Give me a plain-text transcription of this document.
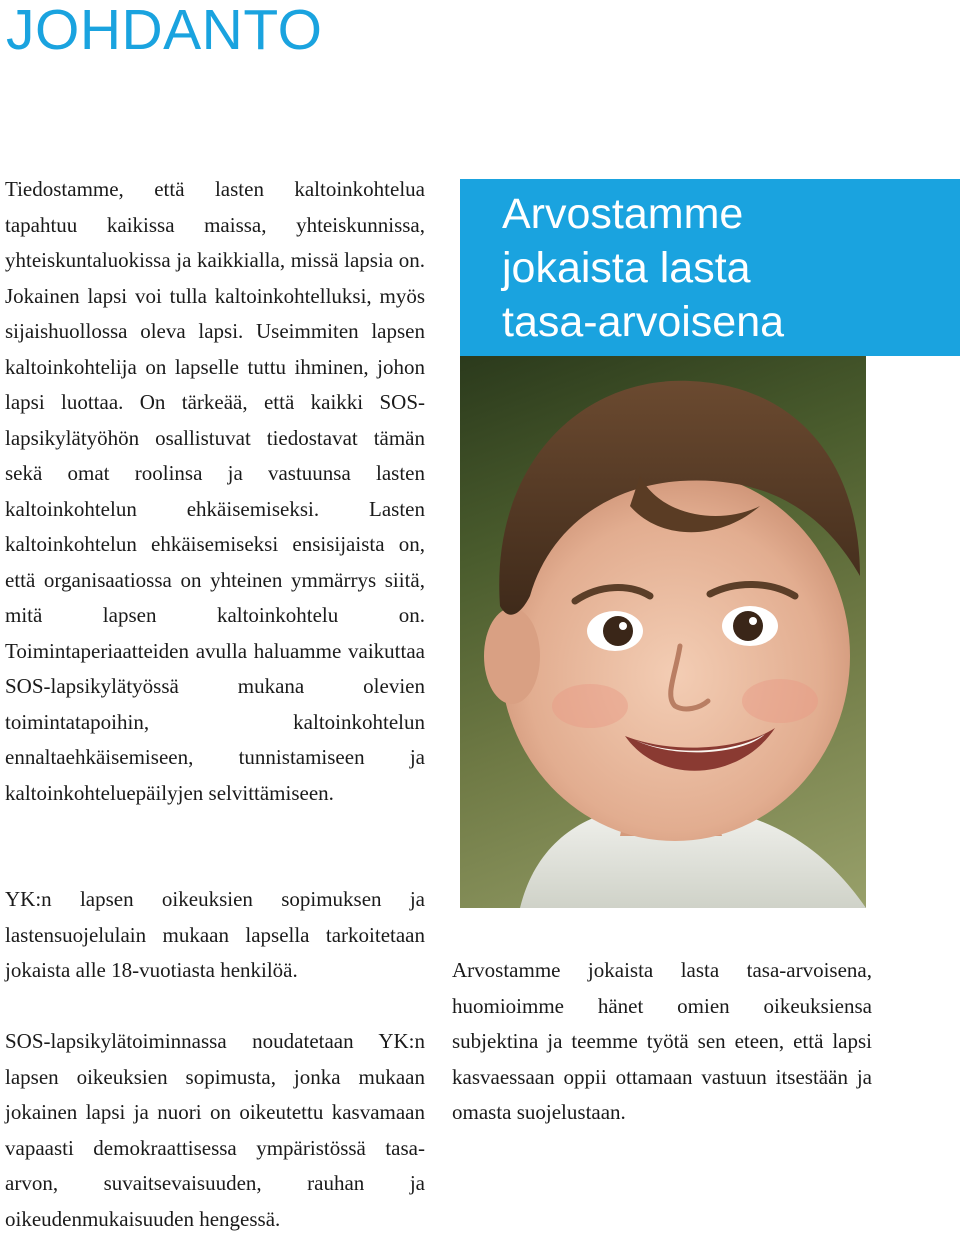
JOHDANTO

Tiedostamme, että lasten kaltoinkohtelua tapahtuu kaikissa maissa, yhteiskunnissa, yhteiskuntaluokissa ja kaikkialla, missä lapsia on. Jokainen lapsi voi tulla kaltoinkohtelluksi, myös sijaishuollossa oleva lapsi. Useimmiten lapsen kaltoinkohtelija on lapselle tuttu ihminen, johon lapsi luottaa. On tärkeää, että kaikki SOS-lapsikylätyöhön osallistuvat tiedostavat tämän sekä omat roolinsa ja vastuunsa lasten kaltoinkohtelun ehkäisemiseksi. Lasten kaltoinkohtelun ehkäisemiseksi ensisijaista on, että organisaatiossa on yhteinen ymmärrys siitä, mitä lapsen kaltoinkohtelu on. Toimintaperiaatteiden avulla haluamme vaikuttaa SOS-lapsikylätyössä mukana olevien toimintatapoihin, kaltoinkohtelun ennaltaehkäisemiseen, tunnistamiseen ja kaltoinkohteluepäilyjen selvittämiseen.

YK:n lapsen oikeuksien sopimuksen ja lastensuojelulain mukaan lapsella tarkoitetaan jokaista alle 18-vuotiasta henkilöä.

SOS-lapsikylätoiminnassa noudatetaan YK:n lapsen oikeuksien sopimusta, jonka mukaan jokainen lapsi ja nuori on oikeutettu kasvamaan vapaasti demokraattisessa ympäristössä tasa-arvon, suvaitsevaisuuden, rauhan ja oikeudenmukaisuuden hengessä.

Arvostamme
jokaista lasta
tasa-arvoisena

Arvostamme jokaista lasta tasa-arvoisena, huomioimme hänet omien oikeuksiensa subjektina ja teemme työtä sen eteen, että lapsi kasvaessaan oppii ottamaan vastuun itsestään ja omasta suojelustaan.
